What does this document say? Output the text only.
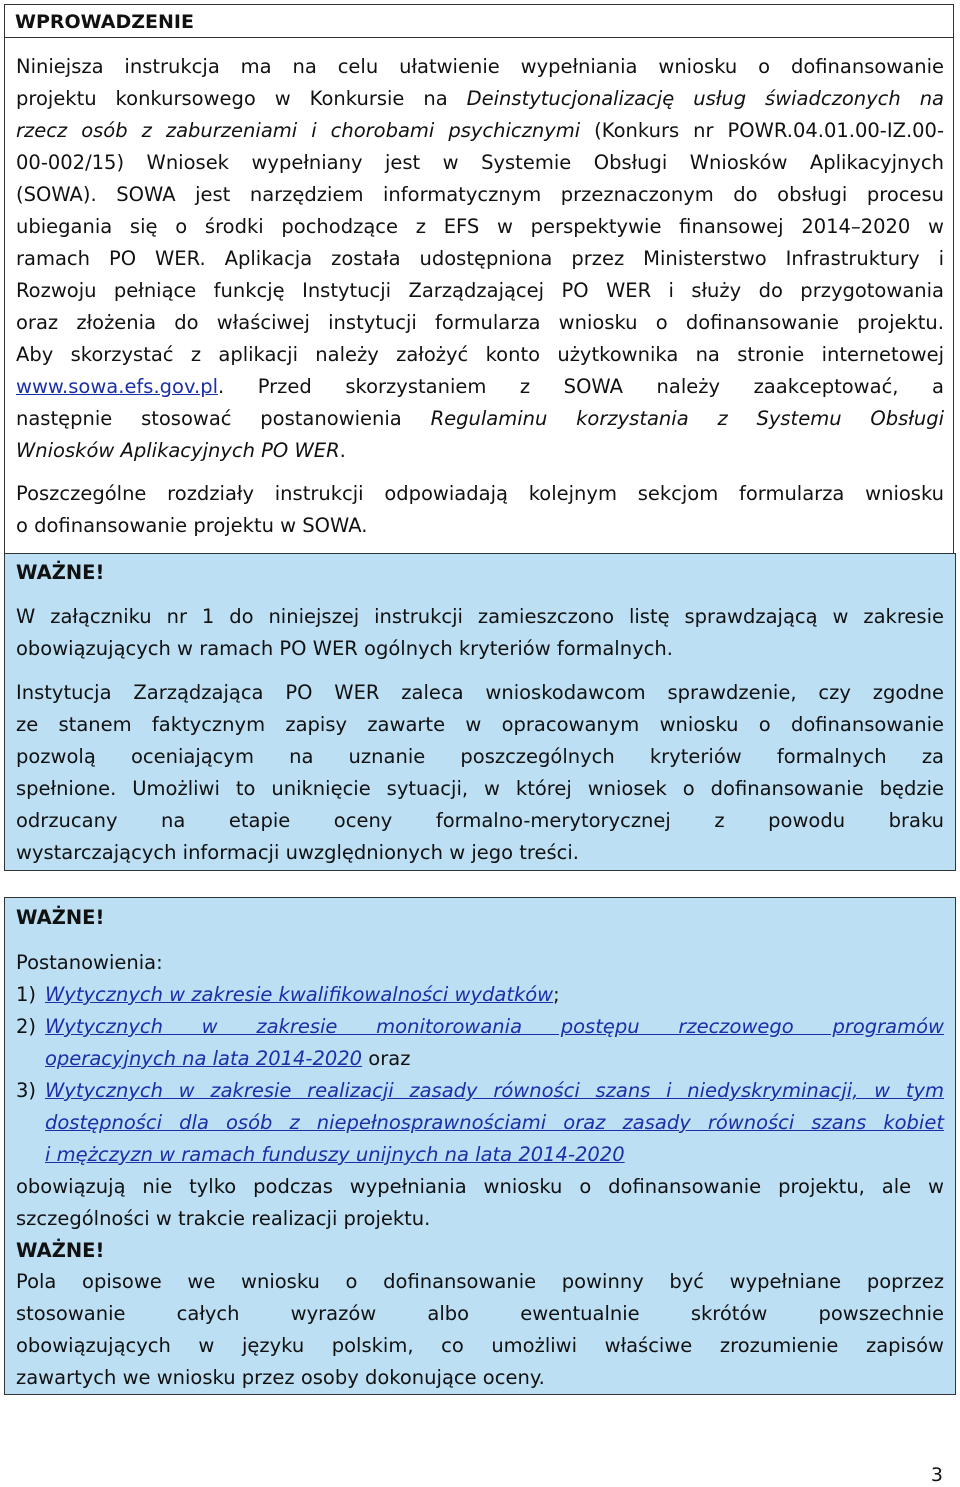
WPROWADZENIE
Niniejsza instrukcja ma na celu ułatwienie wypełniania wniosku o dofinansowanie
projektu konkursowego w Konkursie na Deinstytucjonalizację usług świadczonych na
rzecz osób z zaburzeniami i chorobami psychicznymi (Konkurs nr POWR.04.01.00-IZ.00-
00-002/15) Wniosek wypełniany jest w Systemie Obsługi Wniosków Aplikacyjnych
(SOWA). SOWA jest narzędziem informatycznym przeznaczonym do obsługi procesu
ubiegania się o środki pochodzące z EFS w perspektywie finansowej 2014–2020 w
ramach PO WER. Aplikacja została udostępniona przez Ministerstwo Infrastruktury i
Rozwoju pełniące funkcję Instytucji Zarządzającej PO WER i służy do przygotowania
oraz złożenia do właściwej instytucji formularza wniosku o dofinansowanie projektu.
Aby skorzystać z aplikacji należy założyć konto użytkownika na stronie internetowej
www.sowa.efs.gov.pl. Przed skorzystaniem z SOWA należy zaakceptować, a
następnie stosować postanowienia Regulaminu korzystania z Systemu Obsługi
Wniosków Aplikacyjnych PO WER.
Poszczególne rozdziały instrukcji odpowiadają kolejnym sekcjom formularza wniosku
o dofinansowanie projektu w SOWA.
WAŻNE!
W załączniku nr 1 do niniejszej instrukcji zamieszczono listę sprawdzającą w zakresie
obowiązujących w ramach PO WER ogólnych kryteriów formalnych.
Instytucja Zarządzająca PO WER zaleca wnioskodawcom sprawdzenie, czy zgodne
ze stanem faktycznym zapisy zawarte w opracowanym wniosku o dofinansowanie
pozwolą oceniającym na uznanie poszczególnych kryteriów formalnych za
spełnione. Umożliwi to uniknięcie sytuacji, w której wniosek o dofinansowanie będzie
odrzucany na etapie oceny formalno-merytorycznej z powodu braku
wystarczających informacji uwzględnionych w jego treści.
WAŻNE!
Postanowienia:
1) Wytycznych w zakresie kwalifikowalności wydatków;
2) Wytycznych w zakresie monitorowania postępu rzeczowego programów
operacyjnych na lata 2014-2020 oraz
3) Wytycznych w zakresie realizacji zasady równości szans i niedyskryminacji, w tym
dostępności dla osób z niepełnosprawnościami oraz zasady równości szans kobiet
i mężczyzn w ramach funduszy unijnych na lata 2014-2020
obowiązują nie tylko podczas wypełniania wniosku o dofinansowanie projektu, ale w
szczególności w trakcie realizacji projektu.
WAŻNE!
Pola opisowe we wniosku o dofinansowanie powinny być wypełniane poprzez
stosowanie całych wyrazów albo ewentualnie skrótów powszechnie
obowiązujących w języku polskim, co umożliwi właściwe zrozumienie zapisów
zawartych we wniosku przez osoby dokonujące oceny.
3
